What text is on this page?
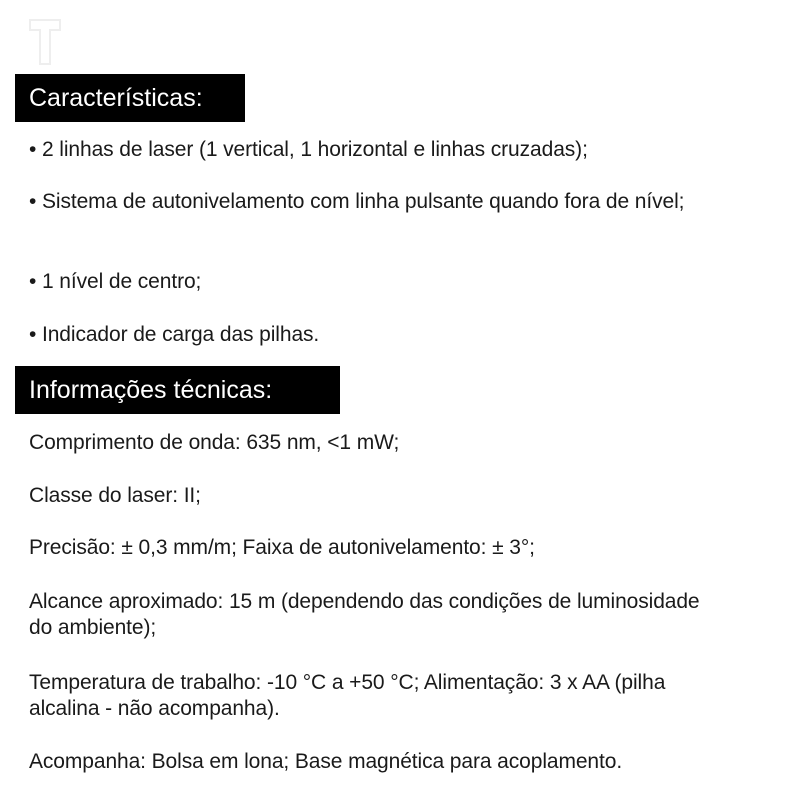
Características:
• 2 linhas de laser (1 vertical, 1 horizontal e linhas cruzadas);
• Sistema de autonivelamento com linha pulsante quando fora de nível;
• 1 nível de centro;
• Indicador de carga das pilhas.
Informações técnicas:
Comprimento de onda: 635 nm, <1 mW;
Classe do laser: II;
Precisão: ± 0,3 mm/m; Faixa de autonivelamento: ± 3°;
Alcance aproximado: 15 m (dependendo das condições de luminosidade do ambiente);
Temperatura de trabalho: -10 °C a +50 °C; Alimentação: 3 x AA (pilha alcalina - não acompanha).
Acompanha: Bolsa em lona; Base magnética para acoplamento.
